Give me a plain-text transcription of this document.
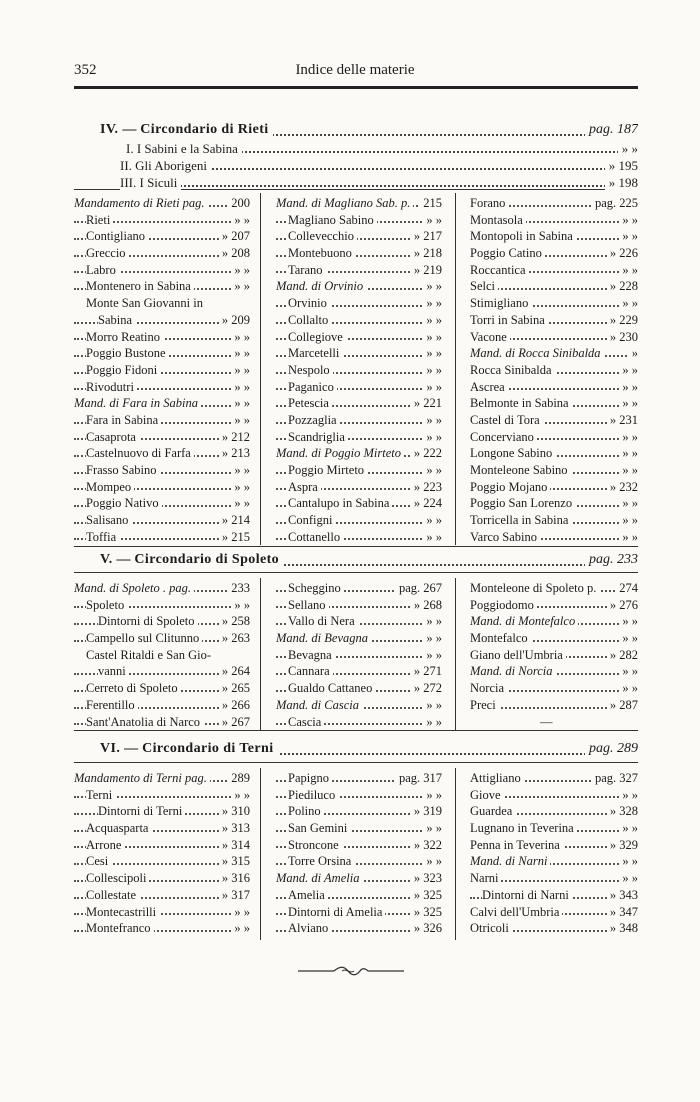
352	Indice delle materie
IV. — Circondario di Rieti	pag. 187
I. I Sabini e la Sabina	» »
II. Gli Aborigeni	» 195
III. I Siculi	» 198
Mandamento di Rieti pag. 200
Rieti	» »
Contigliano	» 207
Greccio	» 208
Labro	» »
Montenero in Sabina	» »
Monte San Giovanni in
Sabina	» 209
Morro Reatino	» »
Poggio Bustone	» »
Poggio Fidoni	» »
Rivodutri	» »
Mand. di Fara in Sabina	» »
Fara in Sabina	» »
Casaprota	» 212
Castelnuovo di Farfa » 213
Frasso Sabino	» »
Mompeo	» »
Poggio Nativo	» »
Salisano	» 214
Toffia	» 215
Mand. di Magliano Sab. p. 215
Magliano Sabino	» »
Collevecchio	» 217
Montebuono	» 218
Tarano	» 219
Mand. di Orvinio	» »
Orvinio	» »
Collalto	» »
Collegiove	» »
Marcetelli	» »
Nespolo	» »
Paganico	» »
Petescia	» 221
Pozzaglia	» »
Scandriglia	» »
Mand. di Poggio Mirteto » 222
Poggio Mirteto	» »
Aspra	» 223
Cantalupo in Sabina » 224
Configni	» »
Cottanello	» »
Forano	pag. 225
Montasola	» »
Montopoli in Sabina	» »
Poggio Catino	» 226
Roccantica	» »
Selci	» 228
Stimigliano	» »
Torri in Sabina	» 229
Vacone	» 230
Mand. di Rocca Sinibalda »
Rocca Sinibalda	» »
Ascrea	» »
Belmonte in Sabina	» »
Castel di Tora	» 231
Concerviano	» »
Longone Sabino	» »
Monteleone Sabino	» »
Poggio Mojano	» 232
Poggio San Lorenzo	» »
Torricella in Sabina	» »
Varco Sabino	» »
V. — Circondario di Spoleto	pag. 233
Mand. di Spoleto . pag.	233
Spoleto	» »
Dintorni di Spoleto » 258
Campello sul Clitunno » 263
Castel Ritaldi e San Gio-
vanni	» 264
Cerreto di Spoleto	» 265
Ferentillo	» 266
Sant'Anatolia di Narco » 267
Scheggino	pag. 267
Sellano	» 268
Vallo di Nera	» »
Mand. di Bevagna	» »
Bevagna	» »
Cannara	» 271
Gualdo Cattaneo	» 272
Mand. di Cascia	» »
Cascia	» »
Monteleone di Spoleto p. 274
Poggiodomo	» 276
Mand. di Montefalco	» »
Montefalco	» »
Giano dell'Umbria	» 282
Mand. di Norcia	» »
Norcia	» »
Preci	» 287
—
VI. — Circondario di Terni	pag. 289
Mandamento di Terni pag. 289
Terni	» »
Dintorni di Terni	» 310
Acquasparta	» 313
Arrone	» 314
Cesi	» 315
Collescipoli	» 316
Collestate	» 317
Montecastrilli	» »
Montefranco	» »
Papigno	pag. 317
Piediluco	» »
Polino	» 319
San Gemini	» »
Stroncone	» 322
Torre Orsina	» »
Mand. di Amelia	» 323
Amelia	» 325
Dintorni di Amelia	» 325
Alviano	» 326
Attigliano	pag. 327
Giove	» »
Guardea	» 328
Lugnano in Teverina	» »
Penna in Teverina	» 329
Mand. di Narni	» »
Narni	» »
Dintorni di Narni	» 343
Calvi dell'Umbria	» 347
Otricoli	» 348
